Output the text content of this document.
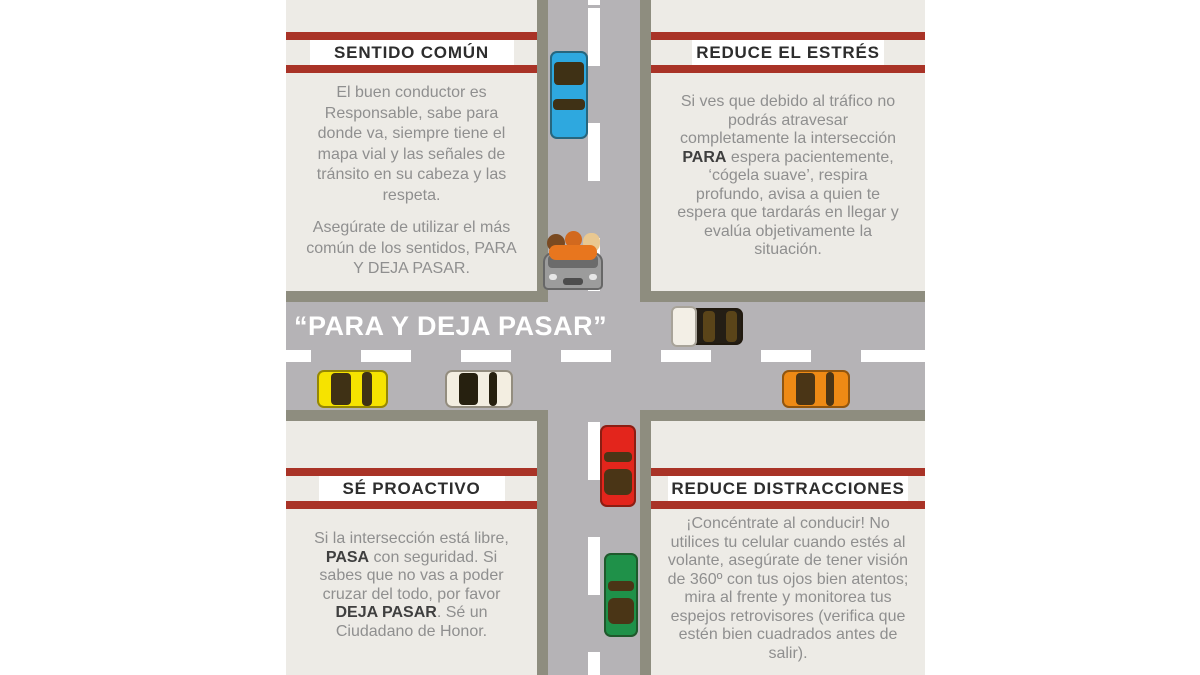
SENTIDO COMÚN

El buen conductor es Responsable, sabe para donde va, siempre tiene el mapa vial y las señales de tránsito en su cabeza y las respeta.

Asegúrate de utilizar el más común de los sentidos, PARA Y DEJA PASAR.

REDUCE EL ESTRÉS

Si ves que debido al tráfico no podrás atravesar completamente la intersección PARA espera pacientemente, ‘cógela suave’, respira profundo, avisa a quien te espera que tardarás en llegar y evalúa objetivamente la situación.

SÉ PROACTIVO

Si la intersección está libre, PASA con seguridad. Si sabes que no vas a poder cruzar del todo, por favor DEJA PASAR. Sé un Ciudadano de Honor.

REDUCE DISTRACCIONES

¡Concéntrate al conducir! No utilices tu celular cuando estés al volante, asegúrate de tener visión de 360º con tus ojos bien atentos; mira al frente y monitorea tus espejos retrovisores (verifica que estén bien cuadrados antes de salir).

“PARA Y DEJA PASAR”
